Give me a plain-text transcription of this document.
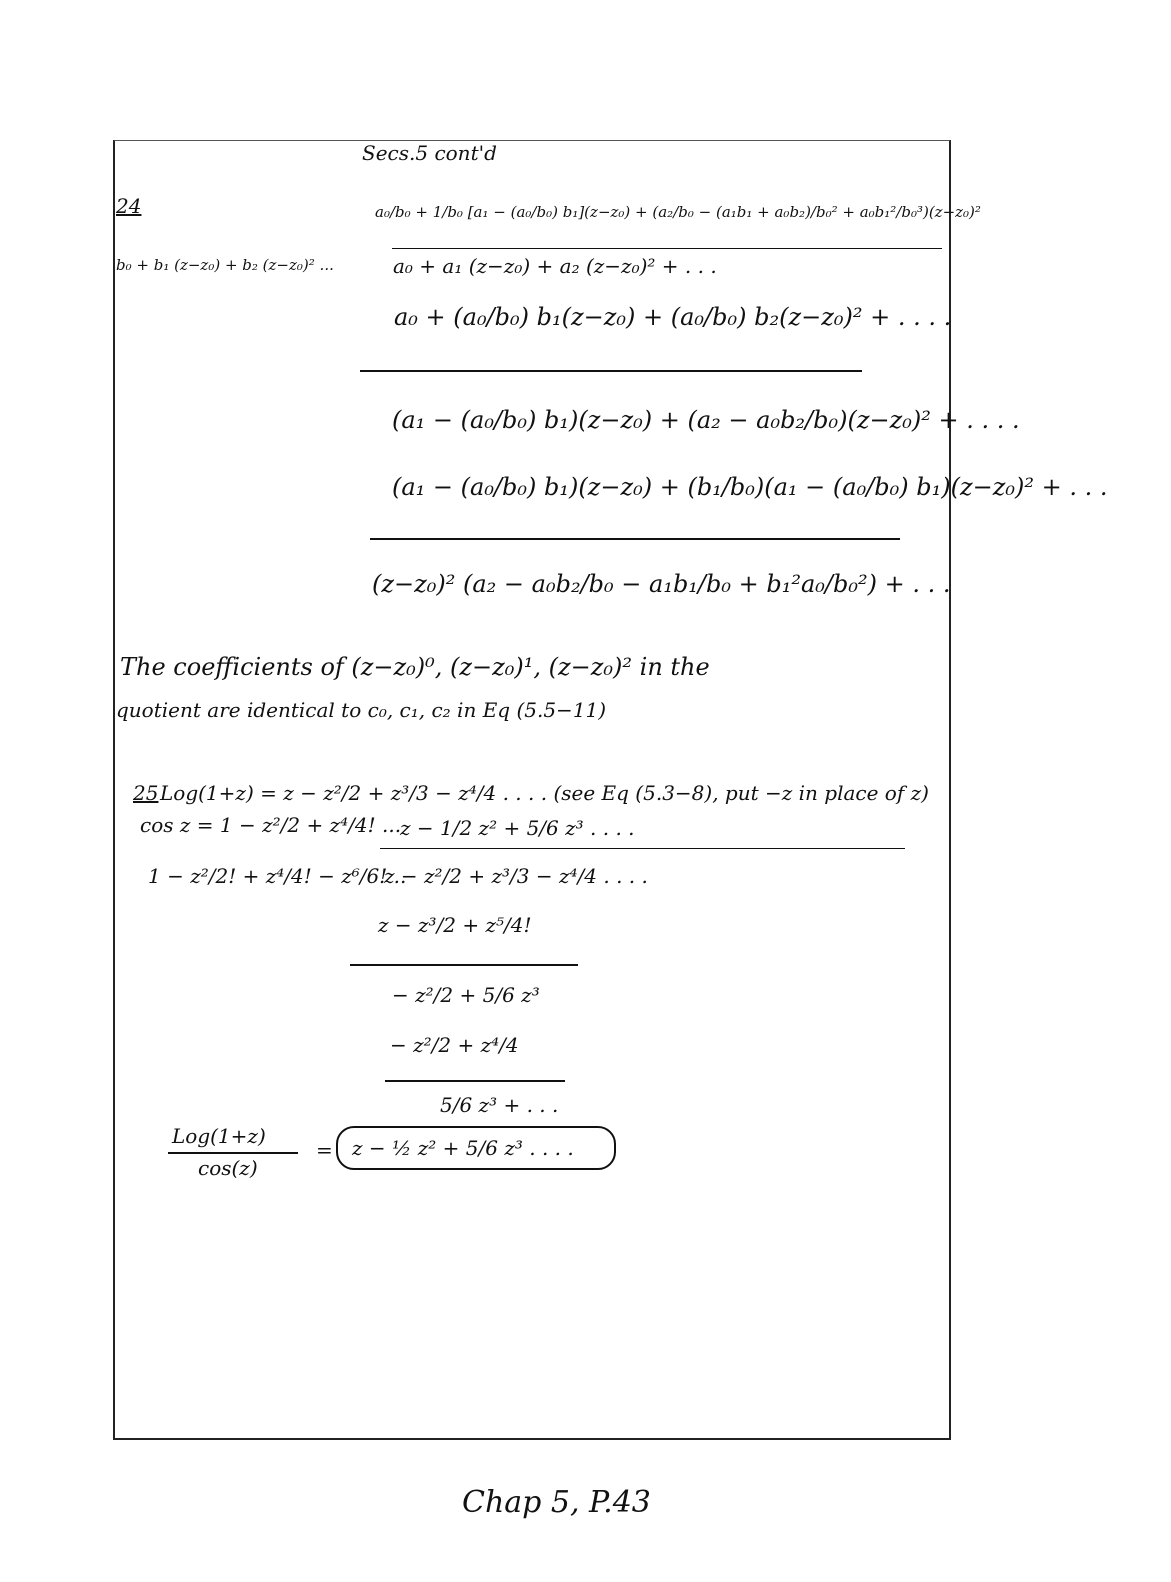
Secs.5 cont'd
24	a₀/b₀ + 1/b₀ [a₁ − (a₀/b₀) b₁](z−z₀) + (a₂/b₀ − (a₁b₁ + a₀b₂)/b₀² + a₀b₁²/b₀³)(z−z₀)²
b₀ + b₁ (z−z₀) + b₂ (z−z₀)² ...	a₀ + a₁ (z−z₀) + a₂ (z−z₀)² + . . .
a₀ + (a₀/b₀) b₁(z−z₀) + (a₀/b₀) b₂(z−z₀)² + . . . .
(a₁ − (a₀/b₀) b₁)(z−z₀) + (a₂ − a₀b₂/b₀)(z−z₀)² + . . . .
(a₁ − (a₀/b₀) b₁)(z−z₀) + (b₁/b₀)(a₁ − (a₀/b₀) b₁)(z−z₀)² + . . .
(z−z₀)² (a₂ − a₀b₂/b₀ − a₁b₁/b₀ + b₁²a₀/b₀²) + . . .
The coefficients of (z−z₀)⁰, (z−z₀)¹, (z−z₀)² in the
quotient are identical to c₀, c₁, c₂ in Eq (5.5−11)
25 Log(1+z) = z − z²/2 + z³/3 − z⁴/4 . . . . (see Eq (5.3−8), put −z in place of z)
cos z = 1 − z²/2 + z⁴/4! ...
z − 1/2 z² + 5/6 z³ . . . .
1 − z²/2! + z⁴/4! − z⁶/6! ..
z − z²/2 + z³/3 − z⁴/4 . . . .
z − z³/2 + z⁵/4!
− z²/2 + 5/6 z³
− z²/2 + z⁴/4
5/6 z³ + . . .
Log(1+z)
cos(z)
= z − ½ z² + 5/6 z³ . . . .
Chap 5, P.43
